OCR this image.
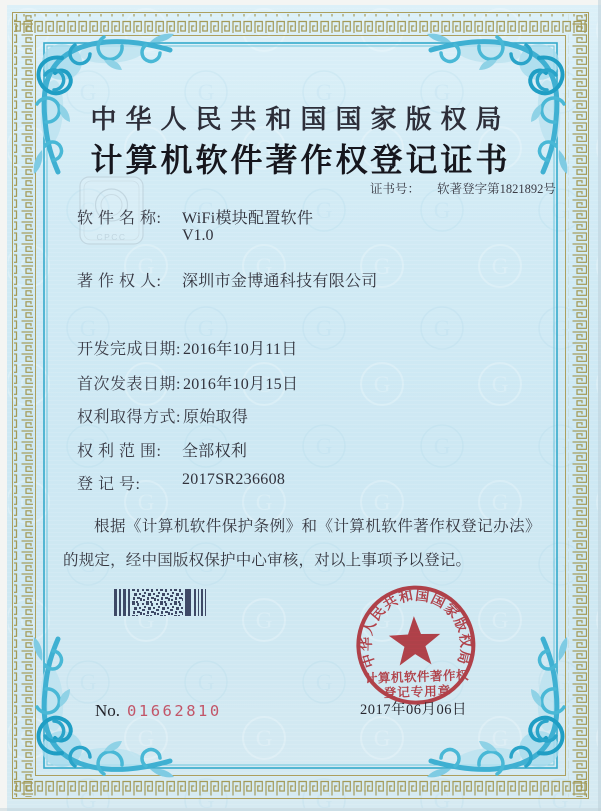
CPCC
中华人民共和国国家版权局
计算机软件著作权登记证书
证书号： 软著登字第1821892号
软 件 名 称:	WiFi模块配置软件
V1.0
著 作 权 人:	深圳市金博通科技有限公司
开发完成日期: 2016年10月11日
首次发表日期: 2016年10月15日
权利取得方式: 原始取得
权 利 范 围:	全部权利
登 记 号:	2017SR236608
根据《计算机软件保护条例》和《计算机软件著作权登记办法》的规定，经中国版权保护中心审核，对以上事项予以登记。
中华人民共和国国家版权局
计算机软件著作权
登记专用章
2017年06月06日
No. 01662810
